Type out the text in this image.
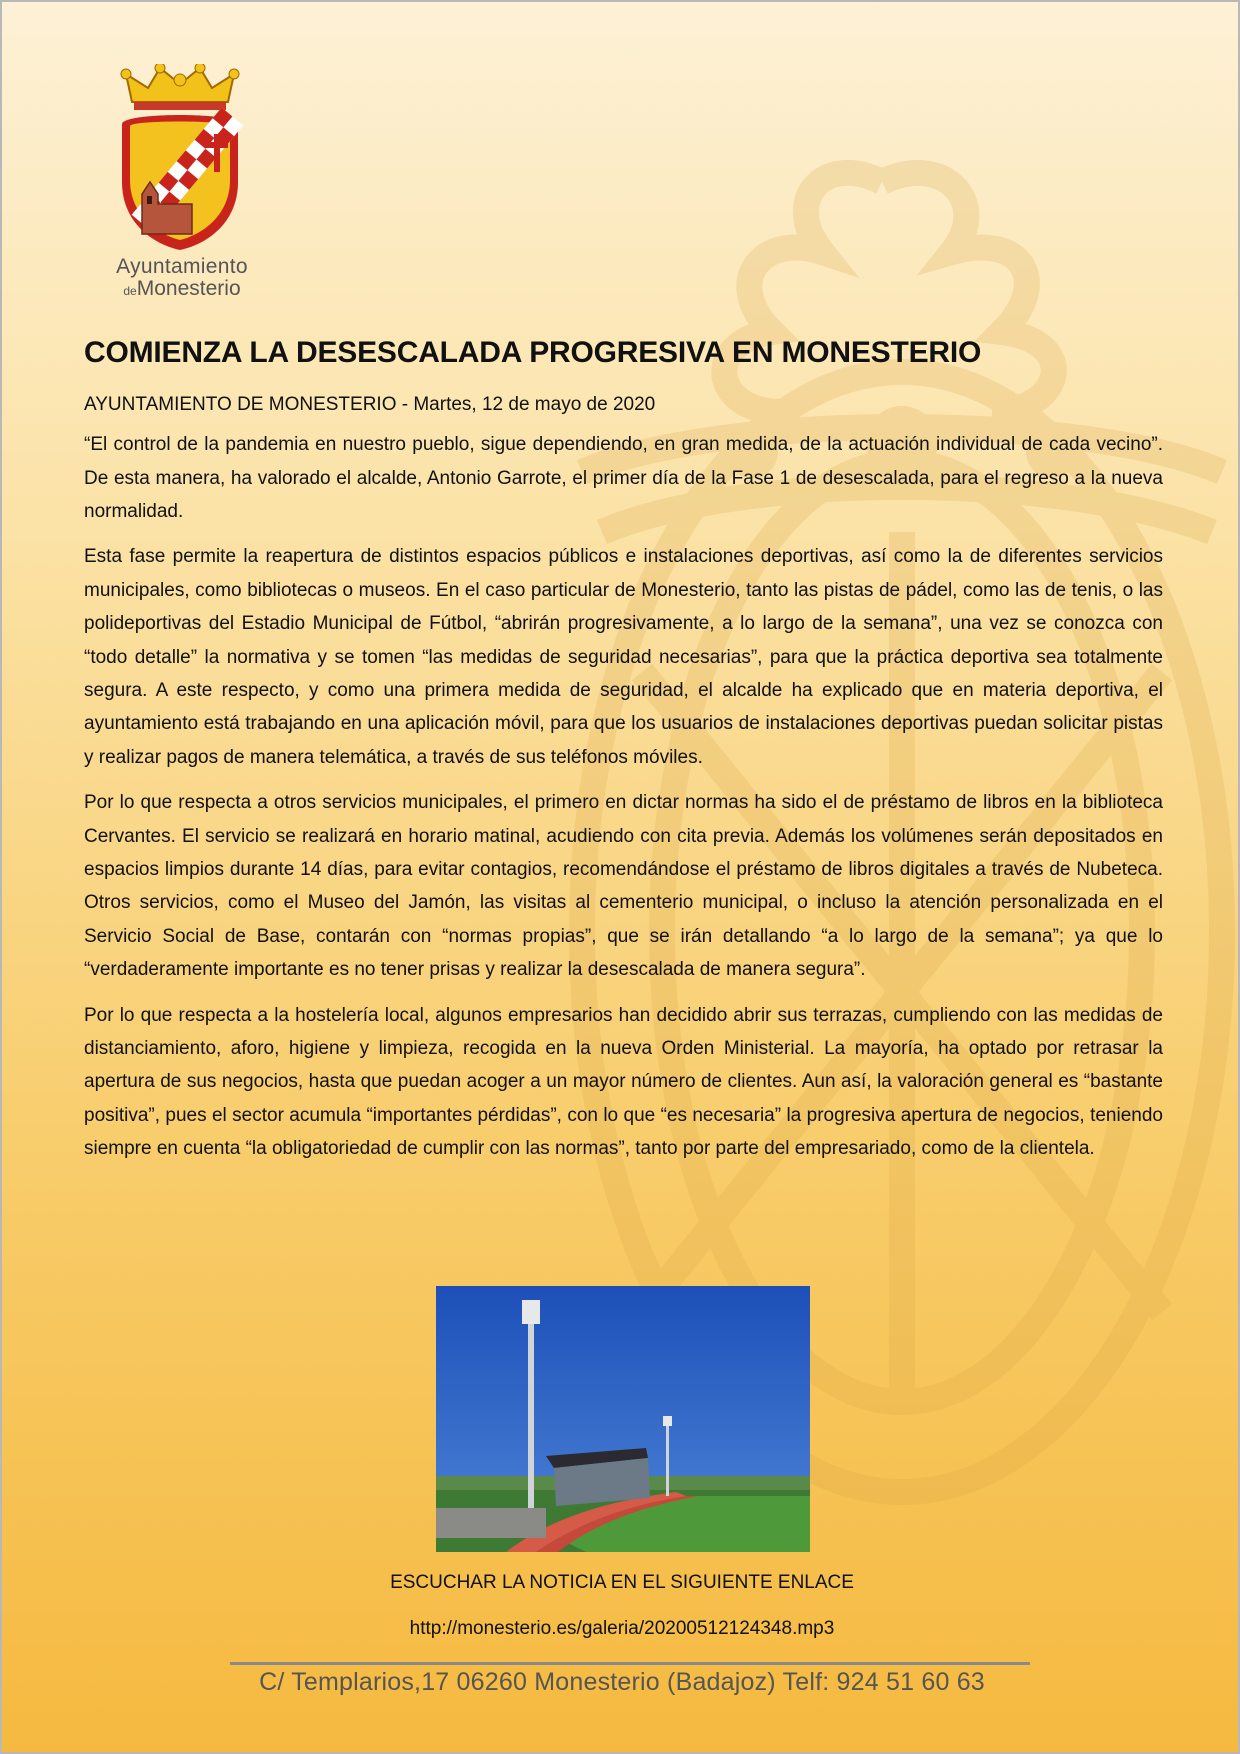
Ayuntamiento
deMonesterio
COMIENZA LA DESESCALADA PROGRESIVA EN MONESTERIO
AYUNTAMIENTO DE MONESTERIO - Martes, 12 de mayo de 2020

“El control de la pandemia en nuestro pueblo, sigue dependiendo, en gran medida, de la actuación individual de cada vecino”. De esta manera, ha valorado el alcalde, Antonio Garrote, el primer día de la Fase 1 de desescalada, para el regreso a la nueva normalidad.

Esta fase permite la reapertura de distintos espacios públicos e instalaciones deportivas, así como la de diferentes servicios municipales, como bibliotecas o museos. En el caso particular de Monesterio, tanto las pistas de pádel, como las de tenis, o las polideportivas del Estadio Municipal de Fútbol, “abrirán progresivamente, a lo largo de la semana”, una vez se conozca con “todo detalle” la normativa y se tomen “las medidas de seguridad necesarias”, para que la práctica deportiva sea totalmente segura. A este respecto, y como una primera medida de seguridad, el alcalde ha explicado que en materia deportiva, el ayuntamiento está trabajando en una aplicación móvil, para que los usuarios de instalaciones deportivas puedan solicitar pistas y realizar pagos de manera telemática, a través de sus teléfonos móviles.

Por lo que respecta a otros servicios municipales, el primero en dictar normas ha sido el de préstamo de libros en la biblioteca Cervantes. El servicio se realizará en horario matinal, acudiendo con cita previa. Además los volúmenes serán depositados en espacios limpios durante 14 días, para evitar contagios, recomendándose el préstamo de libros digitales a través de Nubeteca. Otros servicios, como el Museo del Jamón, las visitas al cementerio municipal, o incluso la atención personalizada en el Servicio Social de Base, contarán con “normas propias”, que se irán detallando “a lo largo de la semana”; ya que lo “verdaderamente importante es no tener prisas y realizar la desescalada de manera segura”.

Por lo que respecta a la hostelería local, algunos empresarios han decidido abrir sus terrazas, cumpliendo con las medidas de distanciamiento, aforo, higiene y limpieza, recogida en la nueva Orden Ministerial. La mayoría, ha optado por retrasar la apertura de sus negocios, hasta que puedan acoger a un mayor número de clientes. Aun así, la valoración general es “bastante positiva”, pues el sector acumula “importantes pérdidas”, con lo que “es necesaria” la progresiva apertura de negocios, teniendo siempre en cuenta “la obligatoriedad de cumplir con las normas”, tanto por parte del empresariado, como de la clientela.

ESCUCHAR LA NOTICIA EN EL SIGUIENTE ENLACE
http://monesterio.es/galeria/20200512124348.mp3
C/ Templarios,17 06260 Monesterio (Badajoz) Telf: 924 51 60 63
